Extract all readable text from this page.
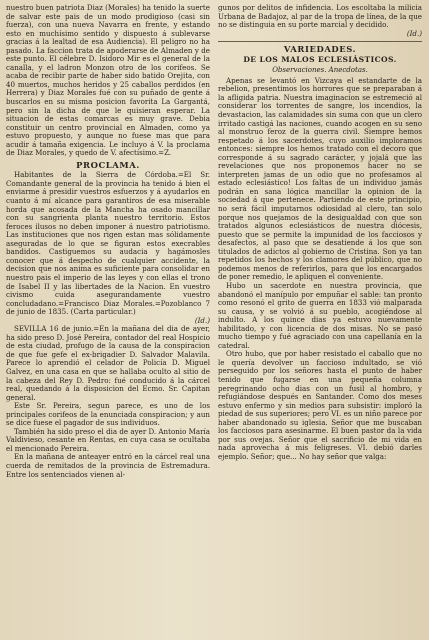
nuestro buen patriota Diaz (Morales) ha tenido la suerte de salvar este pais de un modo prodigioso (casi sin fuerza), con una nueva Navarra en frente, y estando esto en muchísimo sentido y dispuesto á sublevarse gracias á la lealtad de esa Audiencia). El peligro no ha pasado. La faccion trata de apoderarse de Almaden y de este punto. El célebre D. Isidoro Mir es el general de la canalla, y el ladron Monzon otro de los corifeos. Se acaba de recibir parte de haber sido batido Orejita, con 40 muertos, muchos heridos y 25 caballos perdidos (en Herrera) y Diaz Morales fué con su puñado de gente á buscarlos en su misma posicion favorita La Gargantá, pero sin la dicha de que le quisieran esperar. La situacion de estas comarcas es muy grave. Debia constituir un centro provincial en Almaden, como ya estuvo propuesto, y aunque no fuese mas que para acudir á tamaña exigencia. Le incluyo á V. la proclama de Diaz Morales, y quedo de V. afectísimo.=Z.

PROCLAMA.

Habitantes de la Sierra de Córdoba.=El Sr. Comandante general de la provincia ha tenido á bien el enviarme á presidir vuestros esfuerzos y á ayudarlos en cuanto á mí alcance para garantiros de esa miserable horda que acosada de la Mancha ha osado mancillar con su sangrienta planta nuestro territorio. Estos feroces ilusos no deben imponer á nuestro patriotismo. Las instituciones que nos rigen estan mas sólidamente aseguradas de lo que se figuran estos execrables bandidos. Castiguemos su audacia y hagámosles conocer que á despecho de cualquier accidente, la decision que nos anima es suficiente para consolidar en nuestro pais el imperio de las leyes y con ellas el trono de Isabel II y las libertades de la Nacion. En vuestro civismo cuida asegurandamente vuestro concludadano.=Francisco Diaz Morales.=Pozoblanco 7 de junio de 1835. (Carta particular.)

(Id.)

SEVILLA 16 de junio.=En la mañana del dia de ayer, ha sido preso D. José Pereira, contador del real Hospicio de esta ciudad, profugo de la causa de la conspiracion de que fue gefe el ex-brigadier D. Salvador Malavila. Parece lo aprendió el celador de Policía D. Miguel Galvez, en una casa en que se hallaba oculto al sitio de la cabeza del Rey D. Pedro: fué conducido á la cárcel real, quedando á la disposicion del Ecmo. Sr. Capitan general.

Este Sr. Pereira, segun parece, es uno de los principales corifeos de la enunciada conspiracion; y aun se dice fuese el pagador de sus individuos.

También ha sido preso el dia de ayer D. Antonio María Valdivieso, cesante en Rentas, en cuya casa se ocultaba el mencionado Pereira.

En la mañana de anteayer entró en la cárcel real una cuerda de remitados de la provincia de Estremadura. Entre los sentenciados vienen al-

gunos por delitos de infidencia. Los escoltaba la milicia Urbana de Badajoz, al par de la tropa de línea, de la que no se distinguia en su porte marcial y decidido.

(Id.)

VARIEDADES.
DE LOS MALOS ECLESIÁSTICOS.
Observaciones. Anecdotas.

Apenas se levantó en Vizcaya el estandarte de la rebelion, presentimos los horrores que se preparaban á la afligida patria. Nuestra imaginacion se estremeció al considerar los torrentes de sangre, los incendios, la devastacion, las calamidades sin suma con que un clero irritado castigá las naciones, cuando acogen en su seno al monstruo feroz de la guerra civil. Siempre hemos respetado á los sacerdotes, cuyo auxilio imploramos entonces: siempre los hemos tratado con el decoro que corresponde á su sagrado carácter, y jojalá que las revelaciones que nos proponemos hacer no se interpreten jamas de un odio que no profesamos al estado eclesiástico! Los faltas de un individuo jamás podrán en sana lógica mancillar la opinion de la sociedad á que pertenece. Partiendo de este principio, no será fácil imputarnos odiosidad al clero, tan solo porque nos quejamos de la desigualdad con que son tratados algunos eclesiásticos de nuestra diócesis, puesto que se permite la impunidad de los facciosos y desafectos, al paso que se desatiende á los que son titulados de adictos al gobierno de Cristina. Son ya tan repetidos los hechos y los clamores del público, que no podemos menos de referirlos, para que los encargados de poner remedio, le apliquen el conveniente.

Hubo un sacerdote en nuestra provincia, que abandonó el manípulo por empuñar el sable: tan pronto como resonó el grito de guerra en 1833 vió malparada su causa, y se volvió á su pueblo, acogiéndose al indulto. A los quince dias ya estuvo nuevamente habilitado, y con licencia de dos misas. No se pasó mucho tiempo y fué agraciado con una capellanía en la catedral.

Otro hubo, que por haber resistado el caballo que no le quería devolver un faccioso indultado, se vió perseguido por los señores hasta el punto de haber tenido que fugarse en una pequeña columna peregrinando ocho dias con un fusil al hombro, y refugiándose después en Santander. Como dos meses estuvo enfermo y sin medios para subsistir: imploró la piedad de sus superiores; pero VI. es un niño parece por haber abandonado su iglesia. Señor que me buscaban los facciosos para asesinarme. El buen pastor da la vida por sus ovejas. Señor que el sacrificio de mi vida en nada aprovecha á mis feligreses. VI. debió darles ejemplo. Señor; que... No hay señor que valga:
